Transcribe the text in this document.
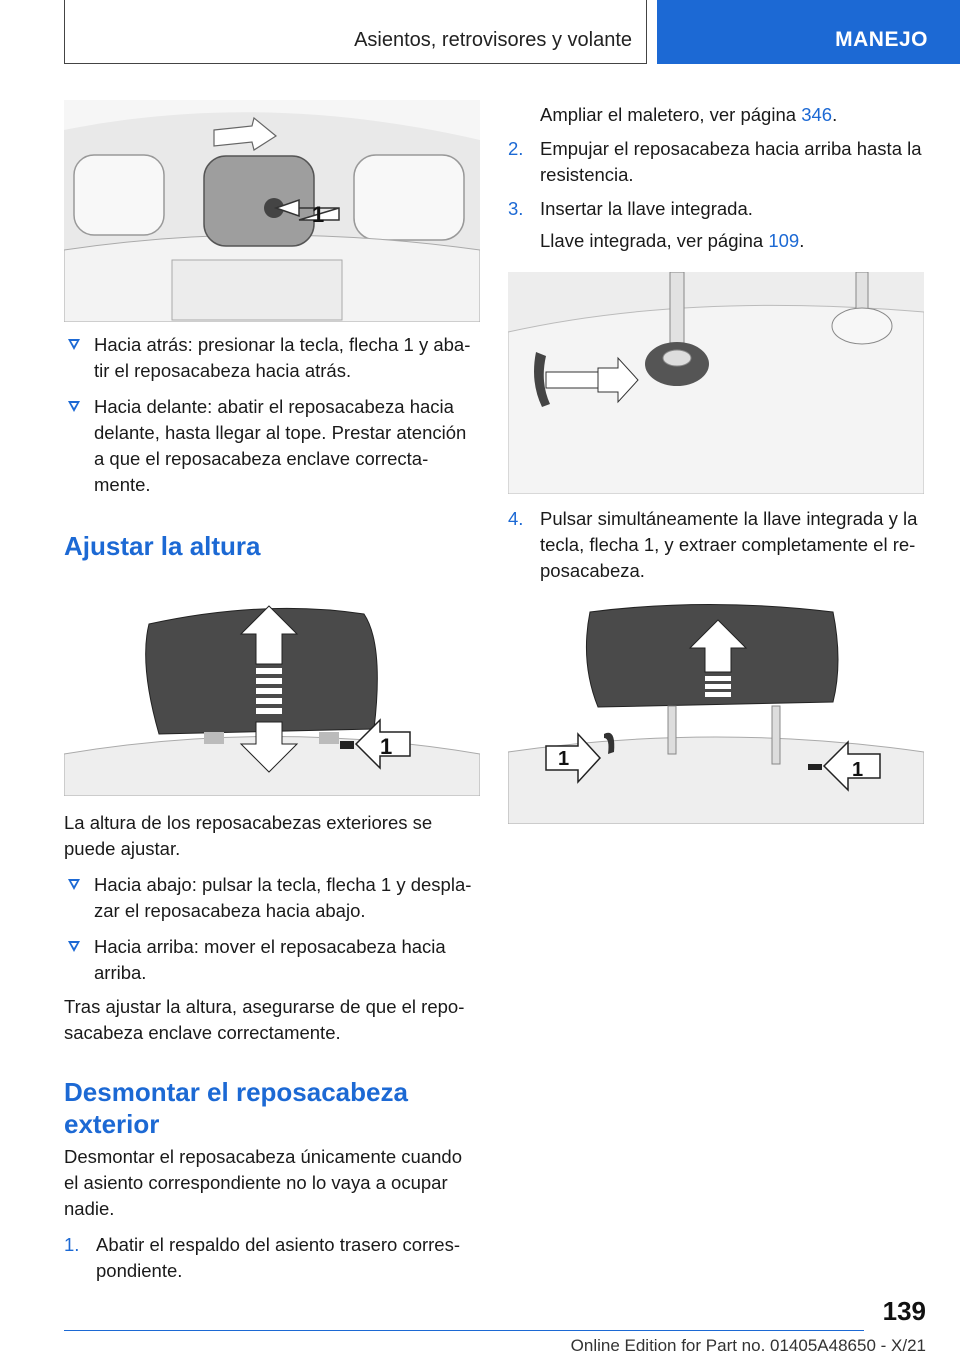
Asientos, retrovisores y volante	MANEJO
1
Hacia atrás: presionar la tecla, flecha 1 y aba-tir el reposacabeza hacia atrás.
Hacia delante: abatir el reposacabeza hacia delante, hasta llegar al tope. Prestar atención a que el reposacabeza enclave correcta-mente.
Ajustar la altura
1

La altura de los reposacabezas exteriores se puede ajustar.

Hacia abajo: pulsar la tecla, flecha 1 y despla-zar el reposacabeza hacia abajo.
Hacia arriba: mover el reposacabeza hacia arriba.

Tras ajustar la altura, asegurarse de que el repo-sacabeza enclave correctamente.

Desmontar el reposacabeza exterior

Desmontar el reposacabeza únicamente cuando el asiento correspondiente no lo vaya a ocupar nadie.

1. Abatir el respaldo del asiento trasero corres-pondiente.
Ampliar el maletero, ver página 346.
2. Empujar el reposacabeza hacia arriba hasta la resistencia.
3. Insertar la llave integrada.
Llave integrada, ver página 109.
4. Pulsar simultáneamente la llave integrada y la tecla, flecha 1, y extraer completamente el re-posacabeza.
1	1
139
Online Edition for Part no. 01405A48650 - X/21
